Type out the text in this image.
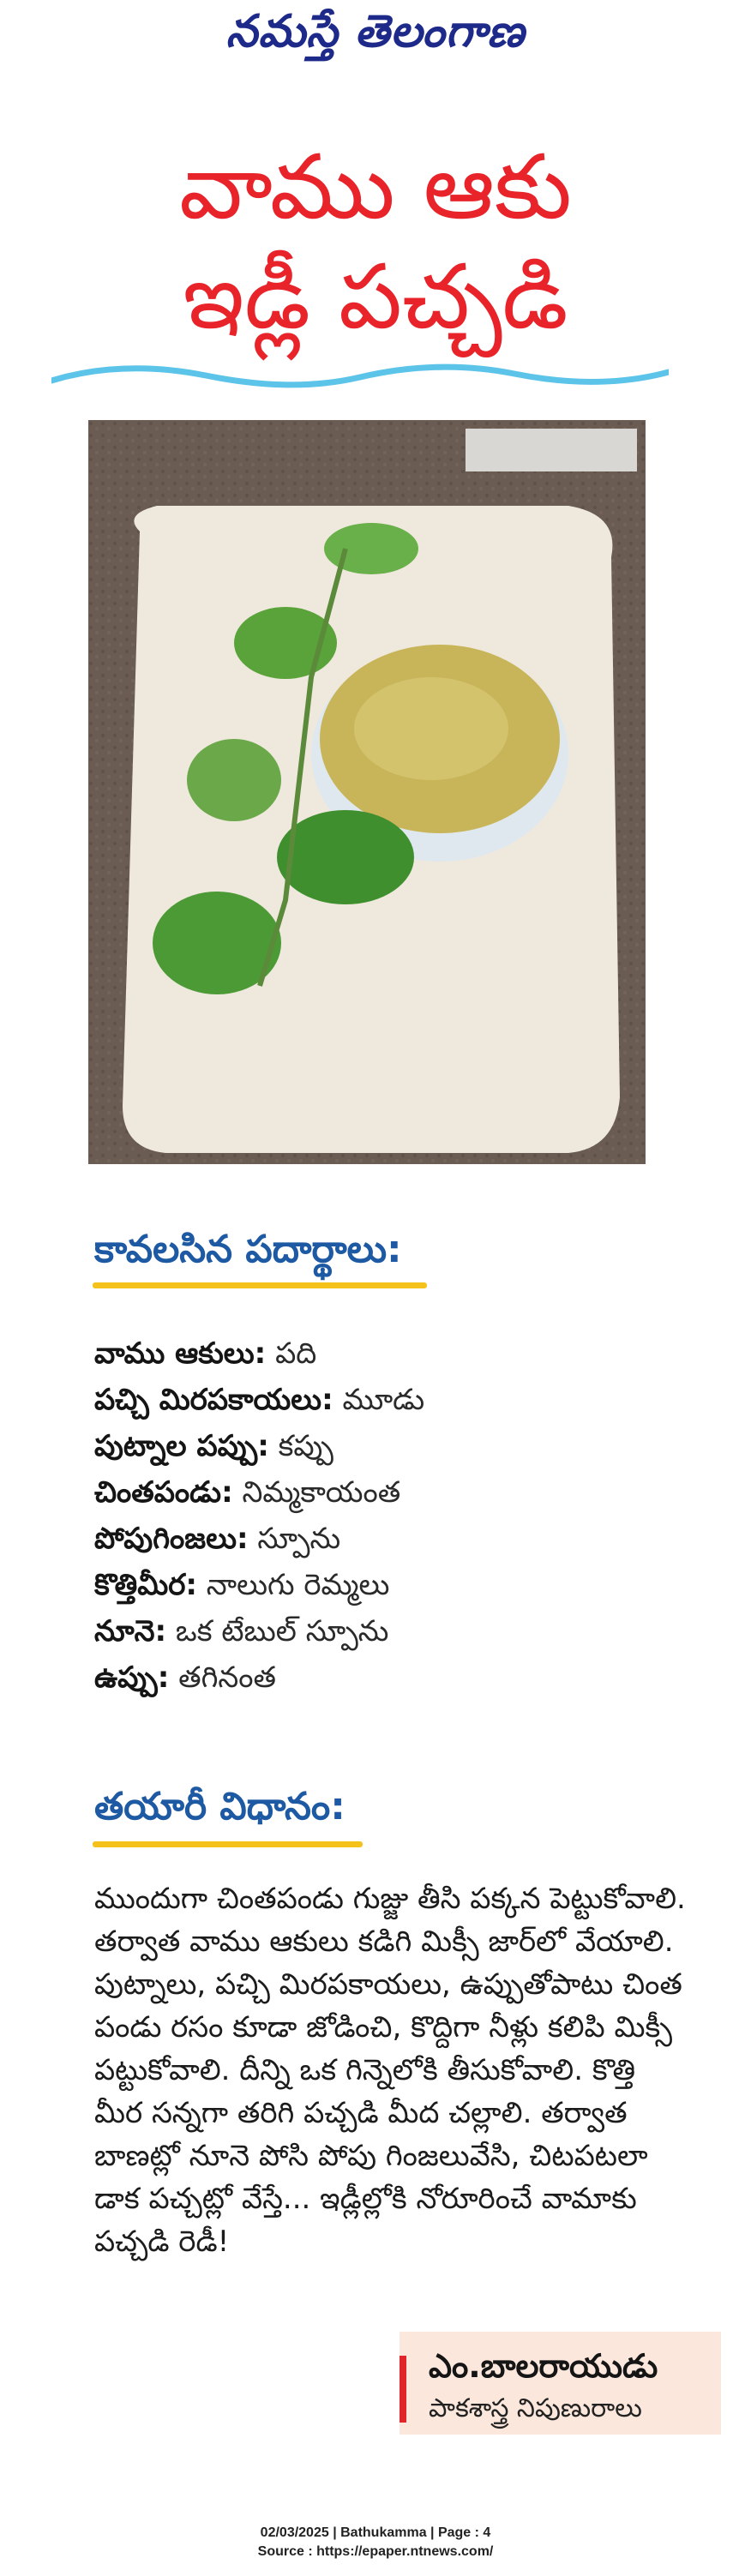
నమస్తే తెలంగాణ
వాము ఆకు
ఇడ్లీ పచ్చడి
కావలసిన పదార్థాలు:
వాము ఆకులు: పది
పచ్చి మిరపకాయలు: మూడు
పుట్నాల పప్పు: కప్పు
చింతపండు: నిమ్మకాయంత
పోపుగింజలు: స్పూను
కొత్తిమీర: నాలుగు రెమ్మలు
నూనె: ఒక టేబుల్ స్పూను
ఉప్పు: తగినంత
తయారీ విధానం:
ముందుగా చింతపండు గుజ్జు తీసి పక్కన పెట్టుకోవాలి.
తర్వాత వాము ఆకులు కడిగి మిక్సీ జార్‌లో వేయాలి.
పుట్నాలు, పచ్చి మిరపకాయలు, ఉప్పుతోపాటు చింత
పండు రసం కూడా జోడించి, కొద్దిగా నీళ్లు కలిపి మిక్సీ
పట్టుకోవాలి. దీన్ని ఒక గిన్నెలోకి తీసుకోవాలి. కొత్తి
మీర సన్నగా తరిగి పచ్చడి మీద చల్లాలి. తర్వాత
బాణట్లో నూనె పోసి పోపు గింజలువేసి, చిటపటలా
డాక పచ్చట్లో వేస్తే... ఇడ్లీల్లోకి నోరూరించే వామాకు
పచ్చడి రెడీ!
ఎం.బాలరాయుడు
పాకశాస్త్ర నిపుణురాలు
02/03/2025 | Bathukamma | Page : 4
Source : https://epaper.ntnews.com/
